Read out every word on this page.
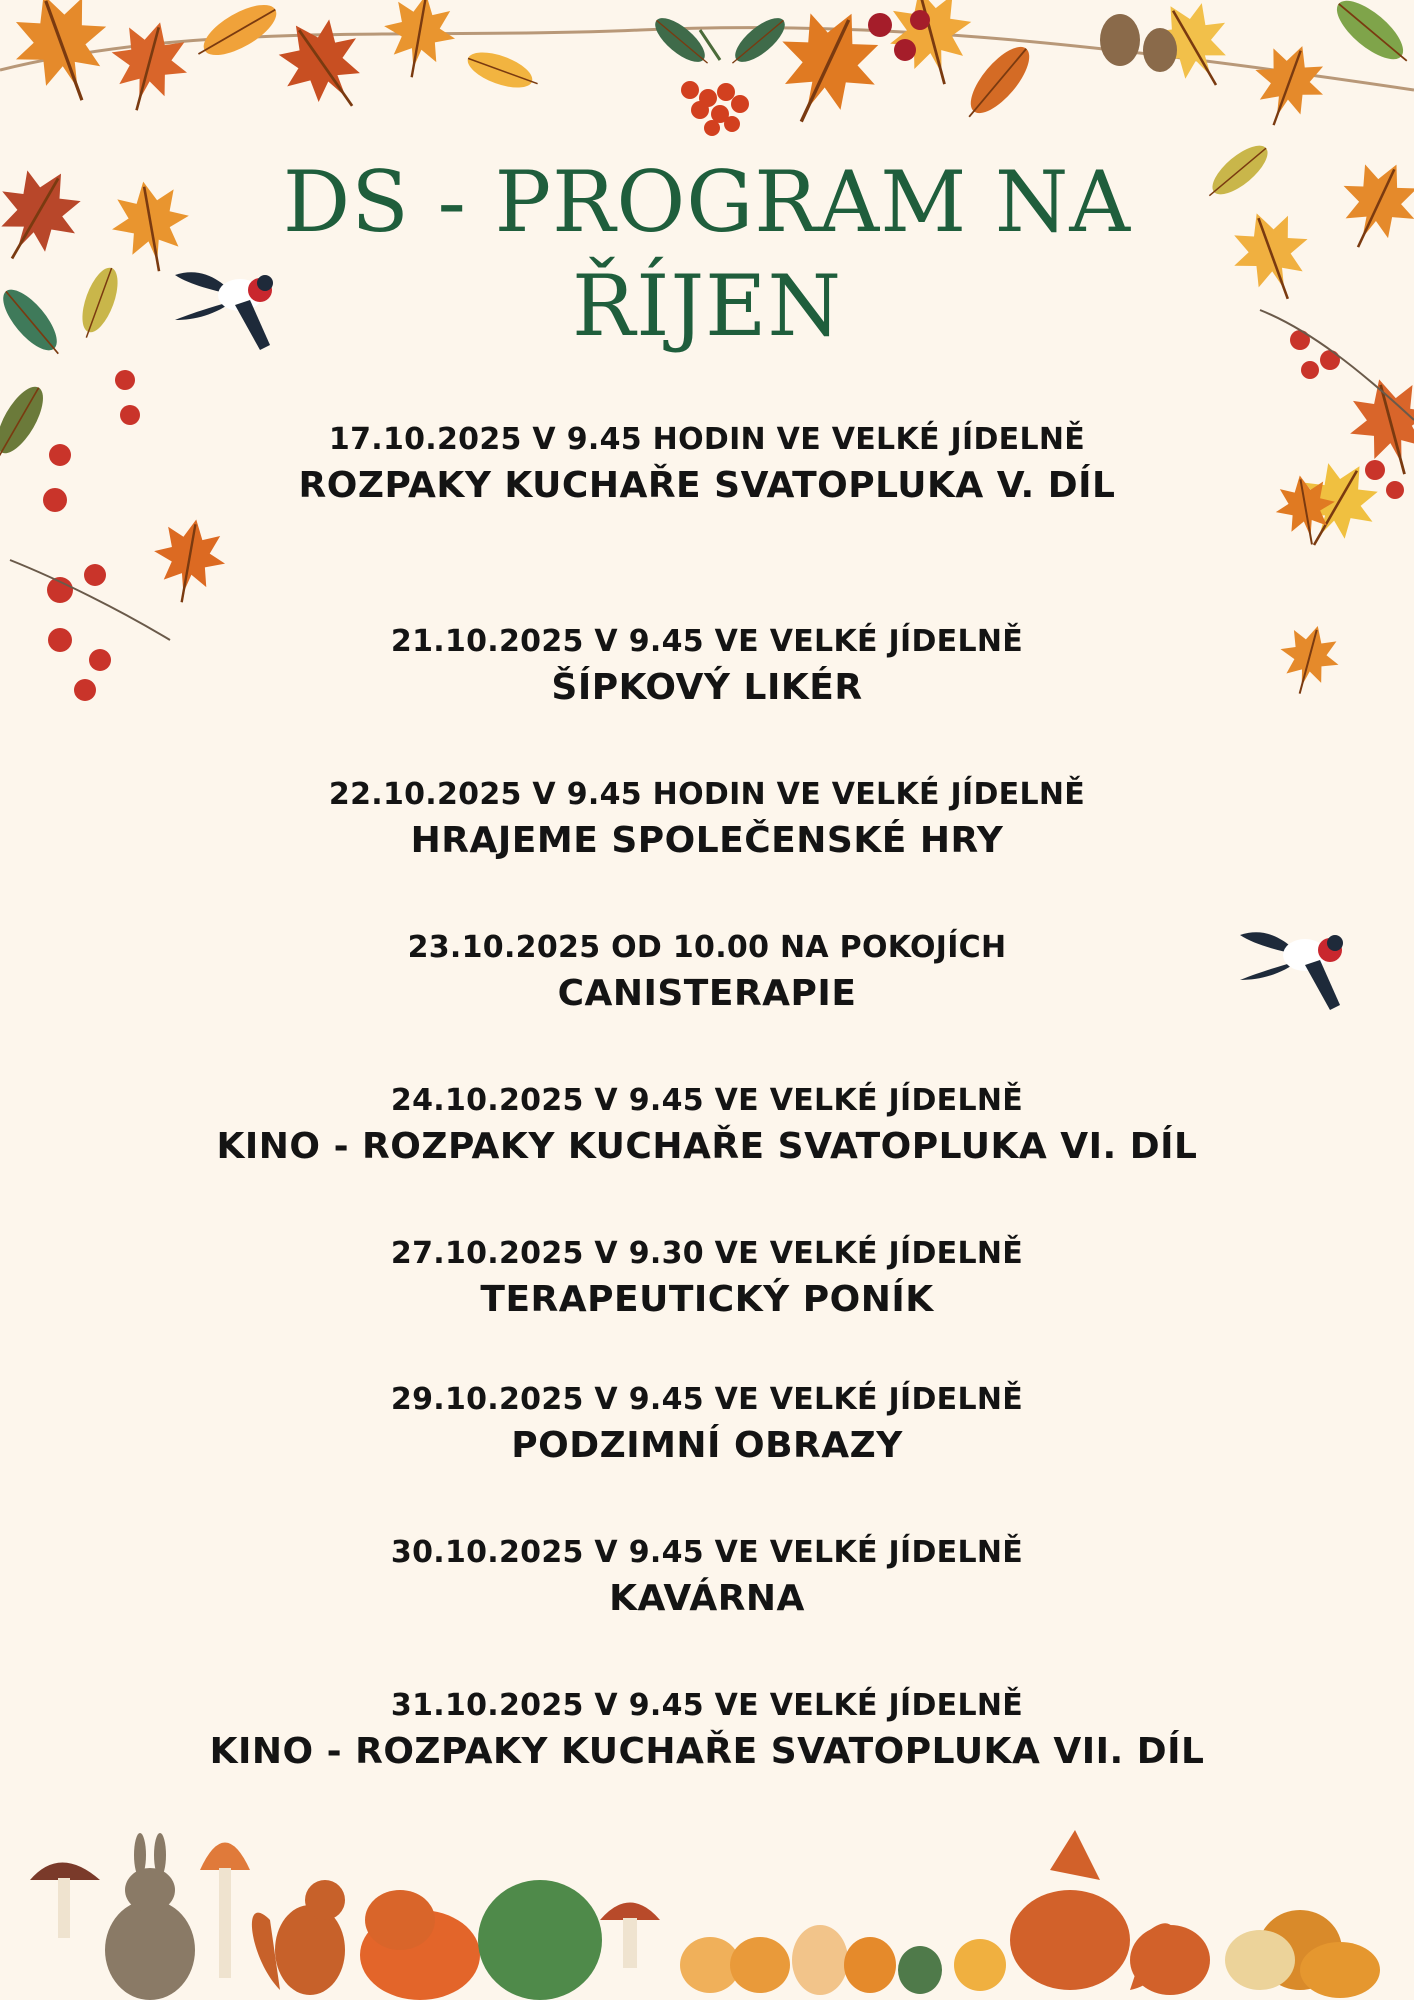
DS - PROGRAM NA
ŘÍJEN
17.10.2025 V 9.45 HODIN VE VELKÉ JÍDELNĚ
ROZPAKY KUCHAŘE SVATOPLUKA V. DÍL
21.10.2025 V 9.45 VE VELKÉ JÍDELNĚ
ŠÍPKOVÝ LIKÉR
22.10.2025 V 9.45 HODIN VE VELKÉ JÍDELNĚ
HRAJEME SPOLEČENSKÉ HRY
23.10.2025 OD 10.00 NA POKOJÍCH
CANISTERAPIE
24.10.2025 V 9.45 VE VELKÉ JÍDELNĚ
KINO - ROZPAKY KUCHAŘE SVATOPLUKA VI. DÍL
27.10.2025 V 9.30 VE VELKÉ JÍDELNĚ
TERAPEUTICKÝ PONÍK
29.10.2025 V 9.45 VE VELKÉ JÍDELNĚ
PODZIMNÍ OBRAZY
30.10.2025 V 9.45 VE VELKÉ JÍDELNĚ
KAVÁRNA
31.10.2025 V 9.45 VE VELKÉ JÍDELNĚ
KINO - ROZPAKY KUCHAŘE SVATOPLUKA VII. DÍL
